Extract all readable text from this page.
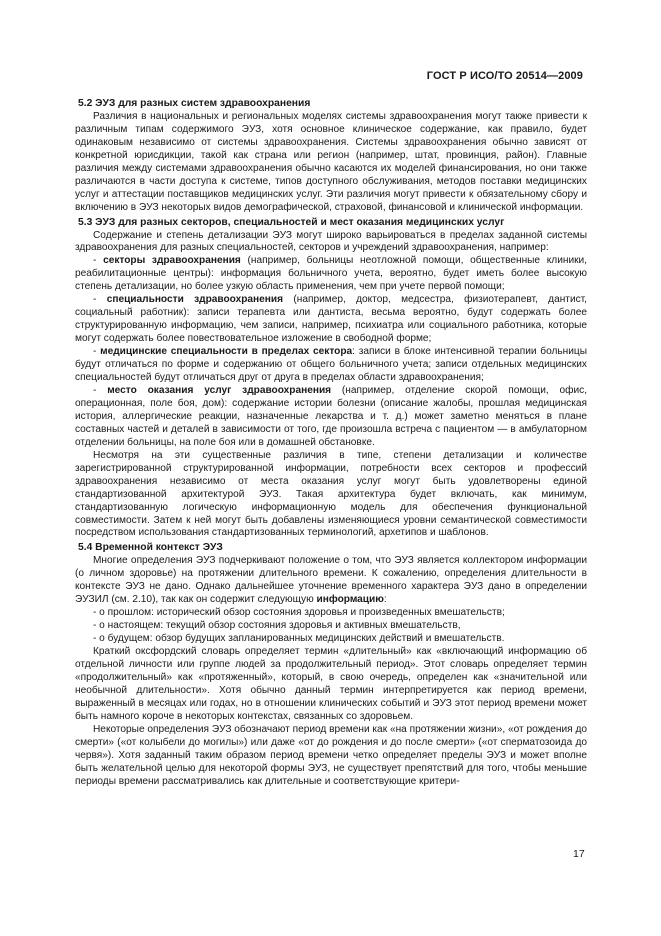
ГОСТ Р ИСО/ТО 20514—2009
5.2 ЭУЗ для разных систем здравоохранения

Различия в национальных и региональных моделях системы здравоохранения могут также привести к различным типам содержимого ЭУЗ, хотя основное клиническое содержание, как правило, будет одинаковым независимо от системы здравоохранения. Системы здравоохранения обычно зависят от конкретной юрисдикции, такой как страна или регион (например, штат, провинция, район). Главные различия между системами здравоохранения обычно касаются их моделей финансирования, но они также различаются в части доступа к системе, типов доступного обслуживания, методов поставки медицинских услуг и аттестации поставщиков медицинских услуг. Эти различия могут привести к обязательному сбору и включению в ЭУЗ некоторых видов демографической, страховой, финансовой и клинической информации.

5.3 ЭУЗ для разных секторов, специальностей и мест оказания медицинских услуг

Содержание и степень детализации ЭУЗ могут широко варьироваться в пределах заданной системы здравоохранения для разных специальностей, секторов и учреждений здравоохранения, например:

- секторы здравоохранения (например, больницы неотложной помощи, общественные клиники, реабилитационные центры): информация больничного учета, вероятно, будет иметь более высокую степень детализации, но более узкую область применения, чем при учете первой помощи;

- специальности здравоохранения (например, доктор, медсестра, физиотерапевт, дантист, социальный работник): записи терапевта или дантиста, весьма вероятно, будут содержать более структурированную информацию, чем записи, например, психиатра или социального работника, которые могут содержать более повествовательное изложение в свободной форме;

- медицинские специальности в пределах сектора: записи в блоке интенсивной терапии больницы будут отличаться по форме и содержанию от общего больничного учета; записи отдельных медицинских специальностей будут отличаться друг от друга в пределах области здравоохранения;

- место оказания услуг здравоохранения (например, отделение скорой помощи, офис, операционная, поле боя, дом): содержание истории болезни (описание жалобы, прошлая медицинская история, аллергические реакции, назначенные лекарства и т. д.) может заметно меняться в плане составных частей и деталей в зависимости от того, где произошла встреча с пациентом — в амбулаторном отделении больницы, на поле боя или в домашней обстановке.

Несмотря на эти существенные различия в типе, степени детализации и количестве зарегистрированной структурированной информации, потребности всех секторов и профессий здравоохранения независимо от места оказания услуг могут быть удовлетворены единой стандартизованной архитектурой ЭУЗ. Такая архитектура будет включать, как минимум, стандартизованную логическую информационную модель для обеспечения функциональной совместимости. Затем к ней могут быть добавлены изменяющиеся уровни семантической совместимости посредством использования стандартизованных терминологий, архетипов и шаблонов.

5.4 Временной контекст ЭУЗ

Многие определения ЭУЗ подчеркивают положение о том, что ЭУЗ является коллектором информации (о личном здоровье) на протяжении длительного времени. К сожалению, определения длительности в контексте ЭУЗ не дано. Однако дальнейшее уточнение временного характера ЭУЗ дано в определении ЭУЗИЛ (см. 2.10), так как он содержит следующую информацию:

- о прошлом: исторический обзор состояния здоровья и произведенных вмешательств;

- о настоящем: текущий обзор состояния здоровья и активных вмешательств,

- о будущем: обзор будущих запланированных медицинских действий и вмешательств.

Краткий оксфордский словарь определяет термин «длительный» как «включающий информацию об отдельной личности или группе людей за продолжительный период». Этот словарь определяет термин «продолжительный» как «протяженный», который, в свою очередь, определен как «значительной или необычной длительности». Хотя обычно данный термин интерпретируется как период времени, выраженный в месяцах или годах, но в отношении клинических событий и ЭУЗ этот период времени может быть намного короче в некоторых контекстах, связанных со здоровьем.

Некоторые определения ЭУЗ обозначают период времени как «на протяжении жизни», «от рождения до смерти» («от колыбели до могилы») или даже «от до рождения и до после смерти» («от сперматозоида до червя»). Хотя заданный таким образом период времени четко определяет пределы ЭУЗ и может вполне быть желательной целью для некоторой формы ЭУЗ, не существует препятствий для того, чтобы меньшие периоды времени рассматривались как длительные и соответствующие критери-

17
